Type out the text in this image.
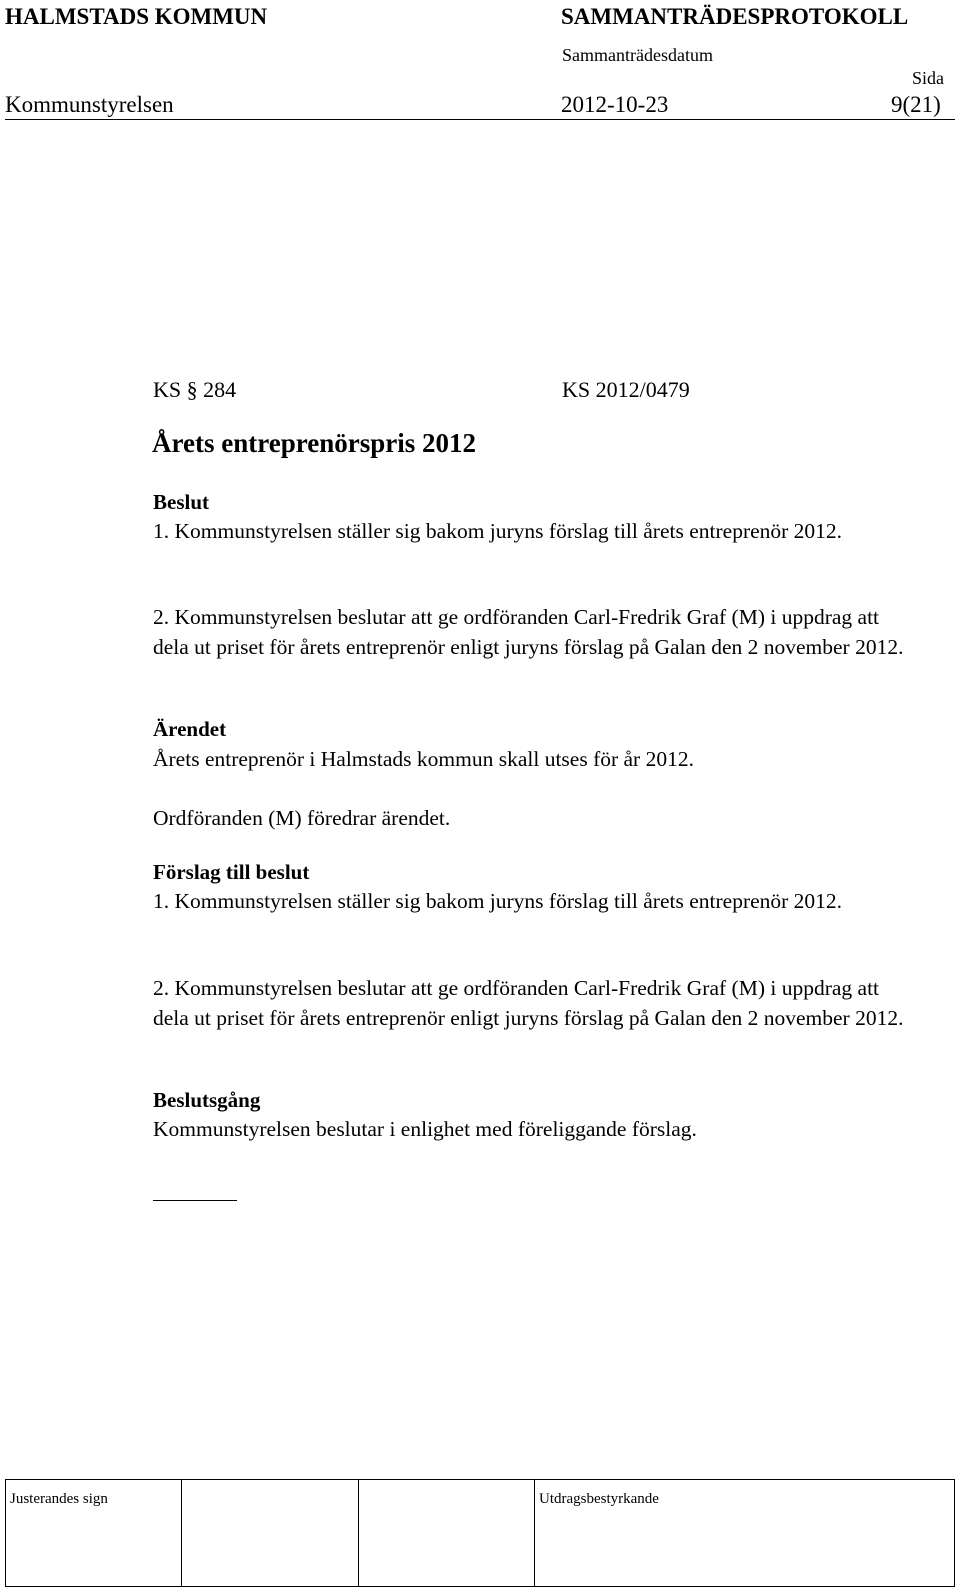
HALMSTADS KOMMUN	SAMMANTRÄDESPROTOKOLL
Sammanträdesdatum
Sida
Kommunstyrelsen	2012-10-23	9(21)
KS § 284	KS 2012/0479
Årets entreprenörspris 2012
Beslut
1. Kommunstyrelsen ställer sig bakom juryns förslag till årets entreprenör 2012.
2. Kommunstyrelsen beslutar att ge ordföranden Carl-Fredrik Graf (M) i uppdrag att dela ut priset för årets entreprenör enligt juryns förslag på Galan den 2 november 2012.
Ärendet
Årets entreprenör i Halmstads kommun skall utses för år 2012.
Ordföranden (M) föredrar ärendet.
Förslag till beslut
1. Kommunstyrelsen ställer sig bakom juryns förslag till årets entreprenör 2012.
2. Kommunstyrelsen beslutar att ge ordföranden Carl-Fredrik Graf (M) i uppdrag att dela ut priset för årets entreprenör enligt juryns förslag på Galan den 2 november 2012.
Beslutsgång
Kommunstyrelsen beslutar i enlighet med föreliggande förslag.
Justerandes sign	Utdragsbestyrkande
